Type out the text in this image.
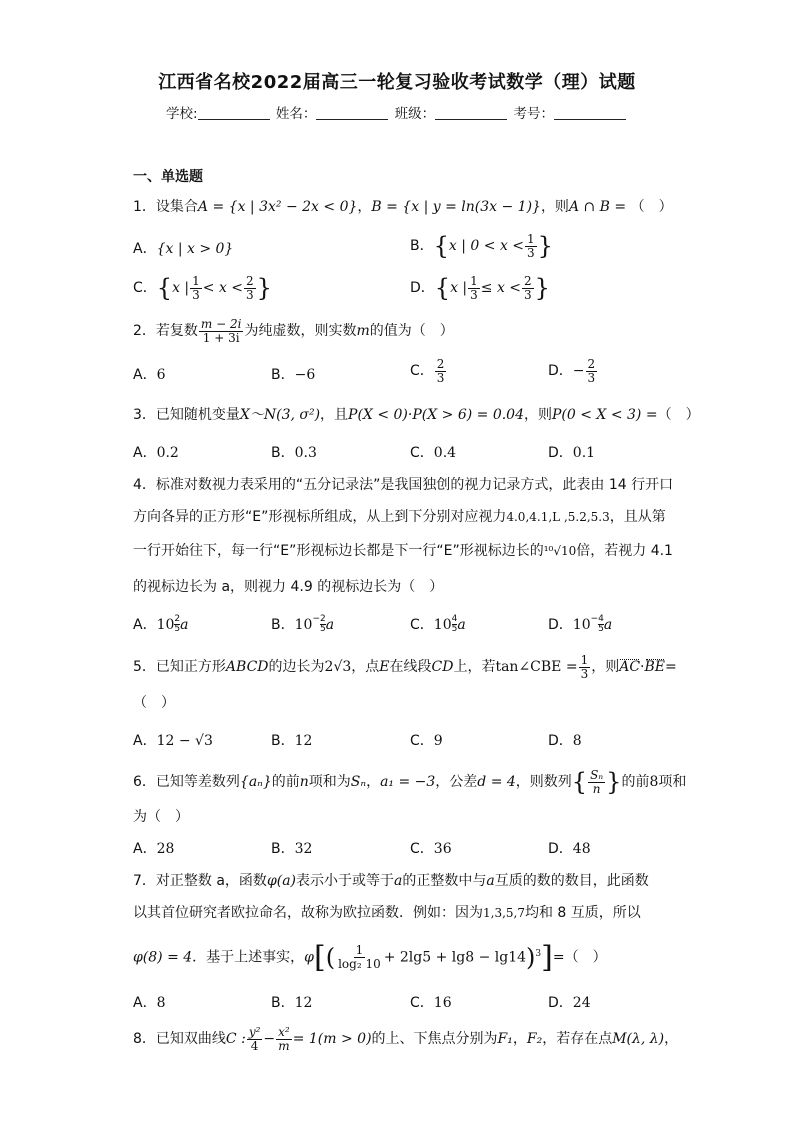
江西省名校2022届高三一轮复习验收考试数学（理）试题
学校:	姓名：	班级：	考号：
一、单选题
1．设集合A = {x | 3x² − 2x < 0}，B = {x | y = ln(3x − 1)}，则A ∩ B = （　）
A．{x | x > 0}	B．{x | $0 < x < \frac{1}{3}$ }
C．{x | $\frac{1}{3} < x < \frac{2}{3}$ }	D．{x | $\frac{1}{3} \le x < \frac{2}{3}$ }
2．若复数 $\frac{m - 2i}{1 + 3i}$ 为纯虚数，则实数m的值为（　）
A．6	B．−6	C． $\frac{2}{3}$	D．− $\frac{2}{3}$
3．已知随机变量X～N(3, σ²)，且P(X < 0)·P(X > 6) = 0.04，则P(0 < X < 3) =（　）
A．0.2	B．0.3	C．0.4	D．0.1
4．标准对数视力表采用的“五分记录法”是我国独创的视力记录方式，此表由 14 行开口
方向各异的正方形“E”形视标所组成，从上到下分别对应视力4.0,4.1,L ,5.2,5.3，且从第
一行开始往下，每一行“E”形视标边长都是下一行“E”形视标边长的¹⁰√10倍，若视力 4.1
的视标边长为 a，则视力 4.9 的视标边长为（　）
A．$10 \frac{2}{5}$ a	B．$10^- \frac{2}{5}$ a	C．$10 \frac{4}{5}$ a	D．$10^- \frac{4}{5}$ a
5．已知正方形ABCD的边长为2√3，点E在线段CD上，若tan∠CBE = $\frac{1}{3}$ ，则AC·BE=
（　）
A．12 − √3	B．12	C．9	D．8
6．已知等差数列{aₙ}的前n项和为Sₙ，a₁ = −3，公差d = 4，则数列{ $\frac{\text{Sₙ}}{n}$ }的前8项和
为（　）
A．28	B．32	C．36	D．48
7．对正整数 a，函数φ(a)表示小于或等于a的正整数中与a互质的数的数目，此函数
以其首位研究者欧拉命名，故称为欧拉函数．例如：因为1,3,5,7均和 8 互质，所以
φ(8) = 4．基于上述事实，$\varphi[( \frac{1}{\text{log₂ 10}} + 2\lg 5 + \lg 8 - \lg 14)^3]=$（　）
A．8	B．12	C．16	D．24
8．已知双曲线C : $\frac{\text{y²}}{4} - \frac{\text{x²}}{m} = 1(m > 0)$的上、下焦点分别为F₁，F₂，若存在点M(λ, λ)，
